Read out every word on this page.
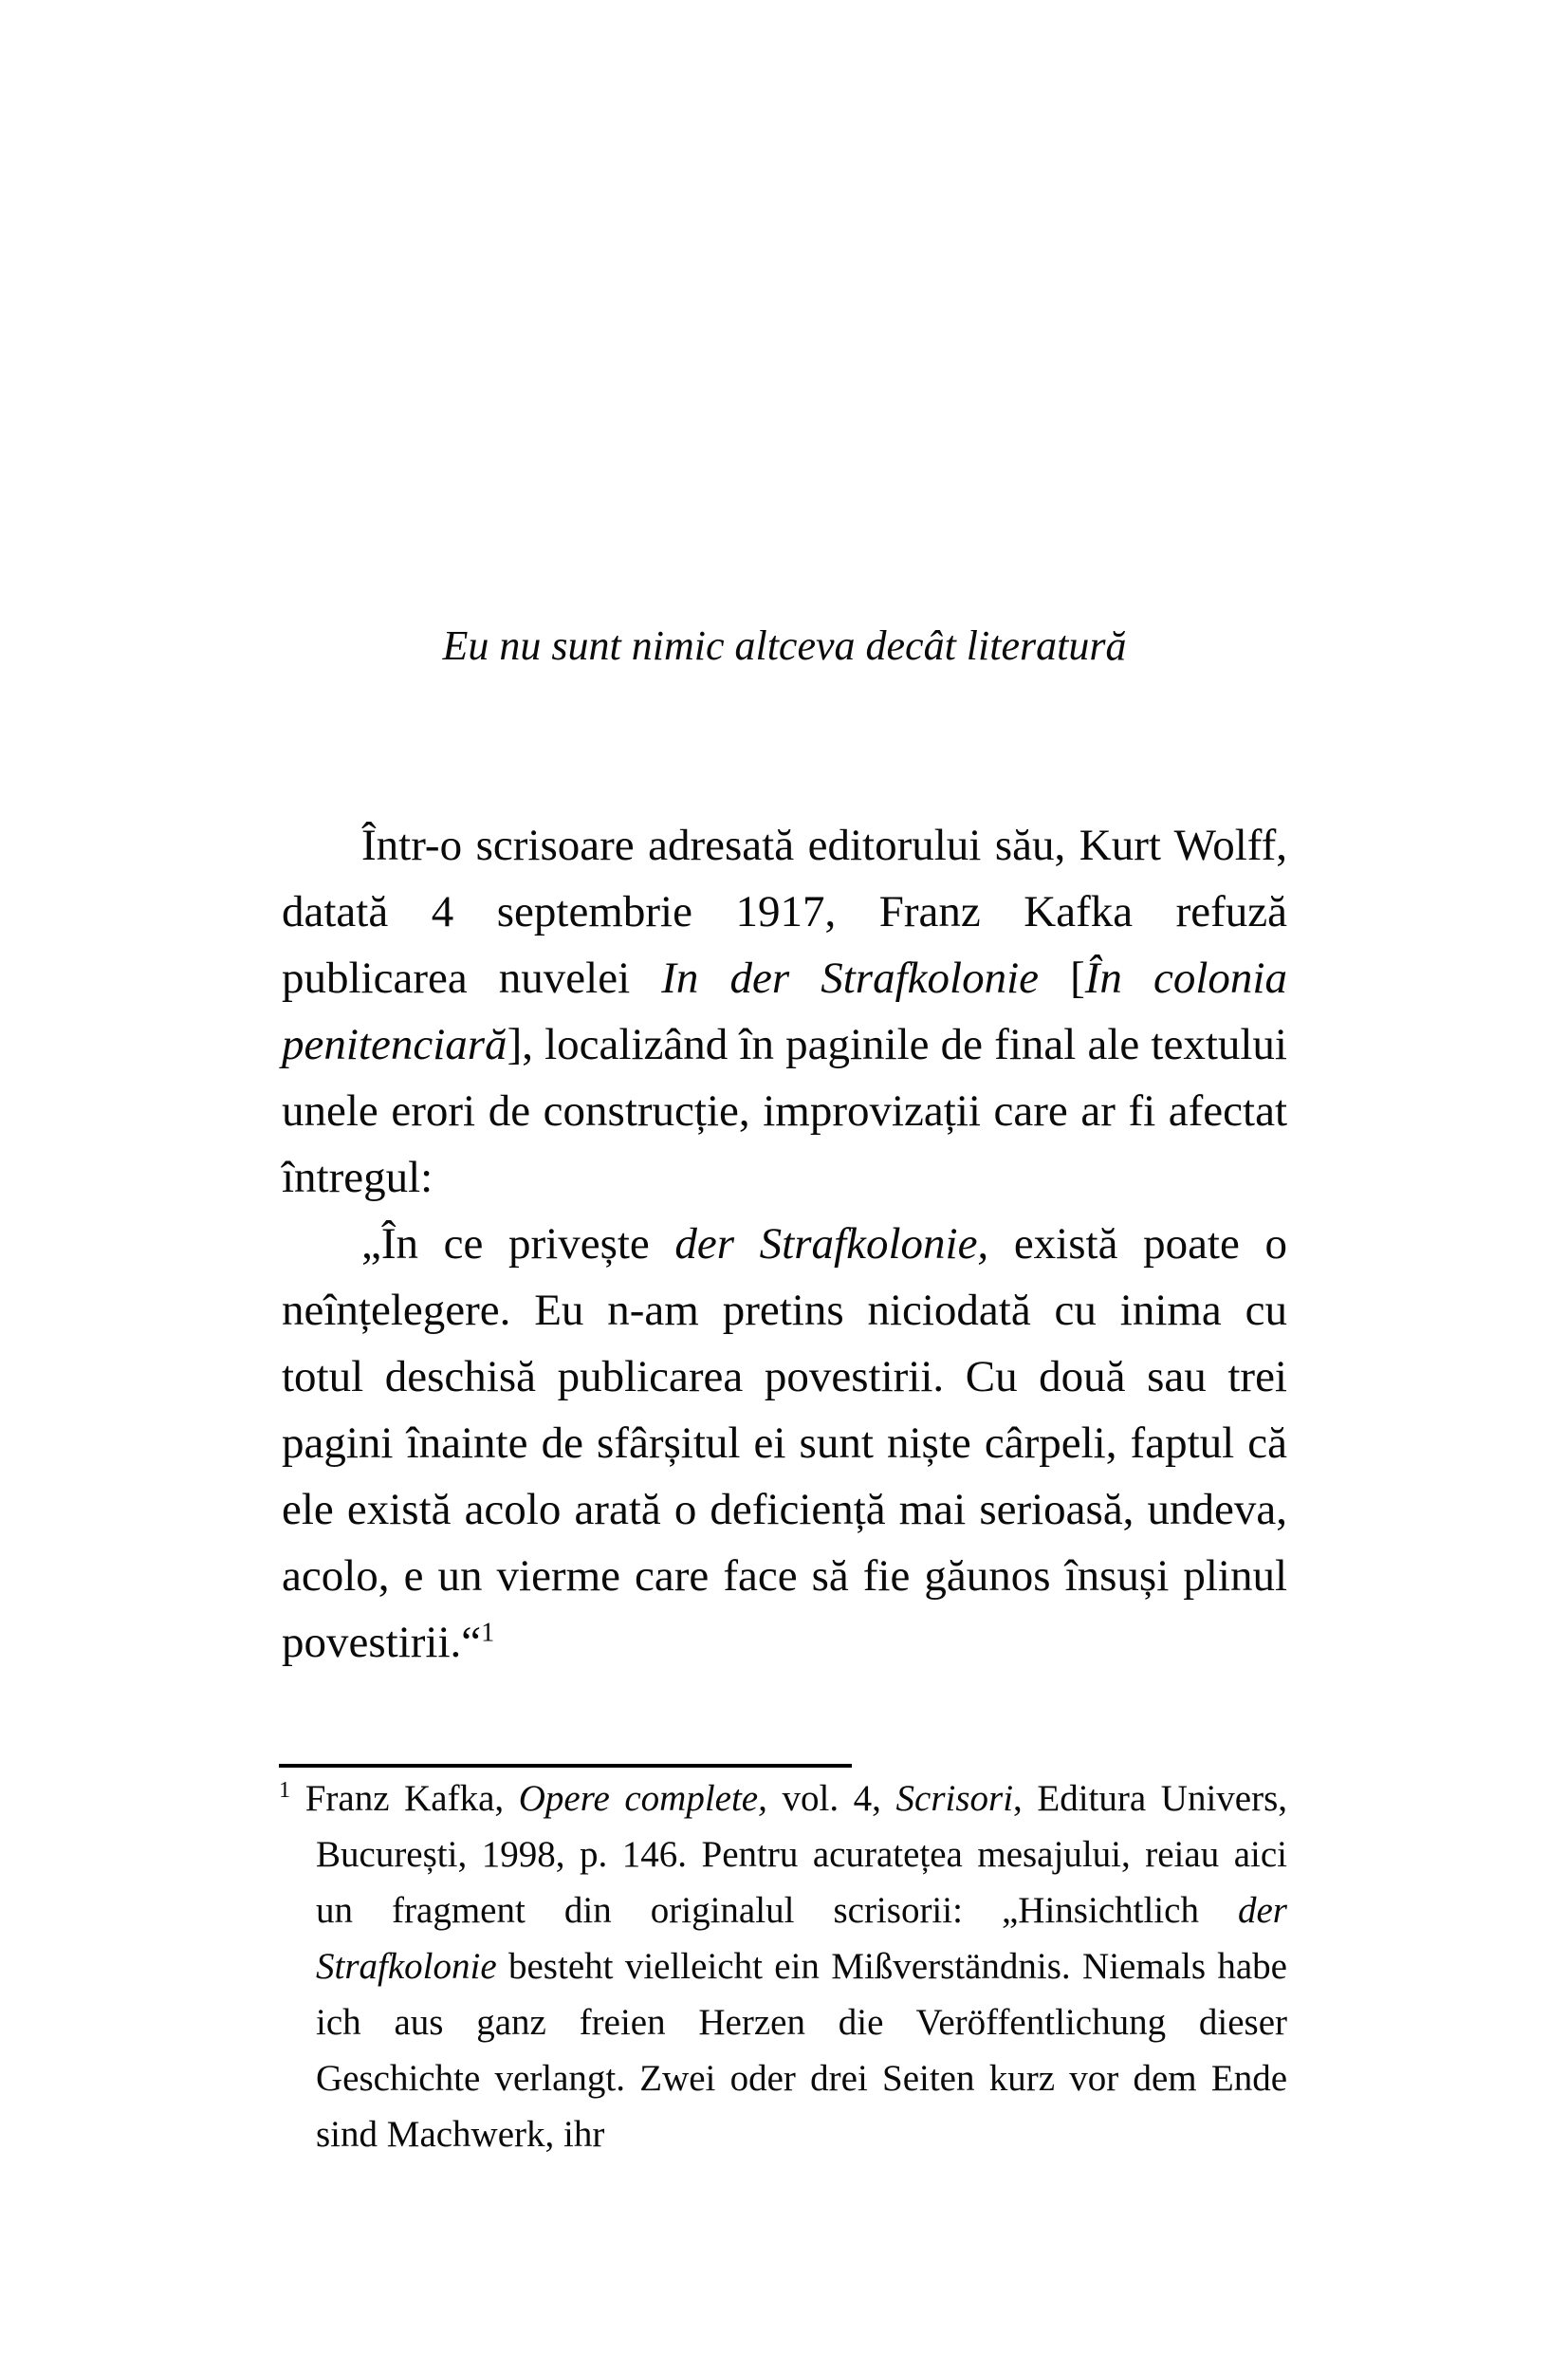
Eu nu sunt nimic altceva decât literatură

Într-o scrisoare adresată editorului său, Kurt Wolff, datată 4 septembrie 1917, Franz Kafka refuză publicarea nuvelei In der Strafkolonie [În colonia penitenciară], localizând în paginile de final ale textului unele erori de construcție, improvizații care ar fi afectat întregul:

„În ce privește der Strafkolonie, există poate o neînțelegere. Eu n-am pretins niciodată cu inima cu totul deschisă publicarea povestirii. Cu două sau trei pagini înainte de sfârșitul ei sunt niște cârpeli, faptul că ele există acolo arată o deficiență mai serioasă, undeva, acolo, e un vierme care face să fie găunos însuși plinul povestirii.“$^1$

$^1$ Franz Kafka, Opere complete, vol. 4, Scrisori, Editura Univers, București, 1998, p. 146. Pentru acuratețea mesajului, reiau aici un fragment din originalul scrisorii: „Hinsichtlich der Strafkolonie besteht vielleicht ein Mißverständnis. Niemals habe ich aus ganz freien Herzen die Veröffentlichung dieser Geschichte verlangt. Zwei oder drei Seiten kurz vor dem Ende sind Machwerk, ihr
